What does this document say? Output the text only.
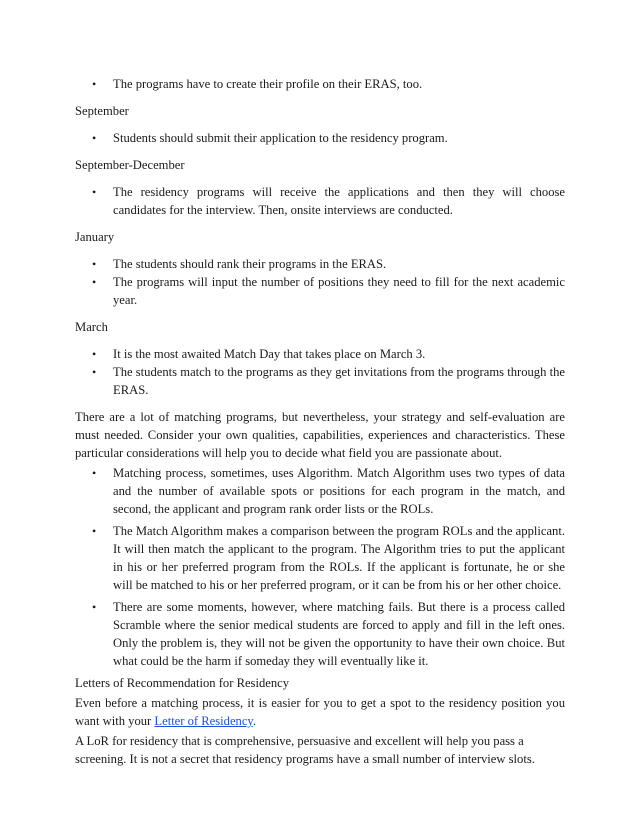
• The programs have to create their profile on their ERAS, too.
September
• Students should submit their application to the residency program.
September-December
• The residency programs will receive the applications and then they will choose candidates for the interview. Then, onsite interviews are conducted.
January
• The students should rank their programs in the ERAS.
• The programs will input the number of positions they need to fill for the next academic year.
March
• It is the most awaited Match Day that takes place on March 3.
• The students match to the programs as they get invitations from the programs through the ERAS.

There are a lot of matching programs, but nevertheless, your strategy and self-evaluation are must needed. Consider your own qualities, capabilities, experiences and characteristics. These particular considerations will help you to decide what field you are passionate about.

• Matching process, sometimes, uses Algorithm. Match Algorithm uses two types of data and the number of available spots or positions for each program in the match, and second, the applicant and program rank order lists or the ROLs.
• The Match Algorithm makes a comparison between the program ROLs and the applicant. It will then match the applicant to the program. The Algorithm tries to put the applicant in his or her preferred program from the ROLs. If the applicant is fortunate, he or she will be matched to his or her preferred program, or it can be from his or her other choice.
• There are some moments, however, where matching fails. But there is a process called Scramble where the senior medical students are forced to apply and fill in the left ones. Only the problem is, they will not be given the opportunity to have their own choice. But what could be the harm if someday they will eventually like it.

Letters of Recommendation for Residency

Even before a matching process, it is easier for you to get a spot to the residency position you want with your Letter of Residency.

A LoR for residency that is comprehensive, persuasive and excellent will help you pass a screening. It is not a secret that residency programs have a small number of interview slots.
